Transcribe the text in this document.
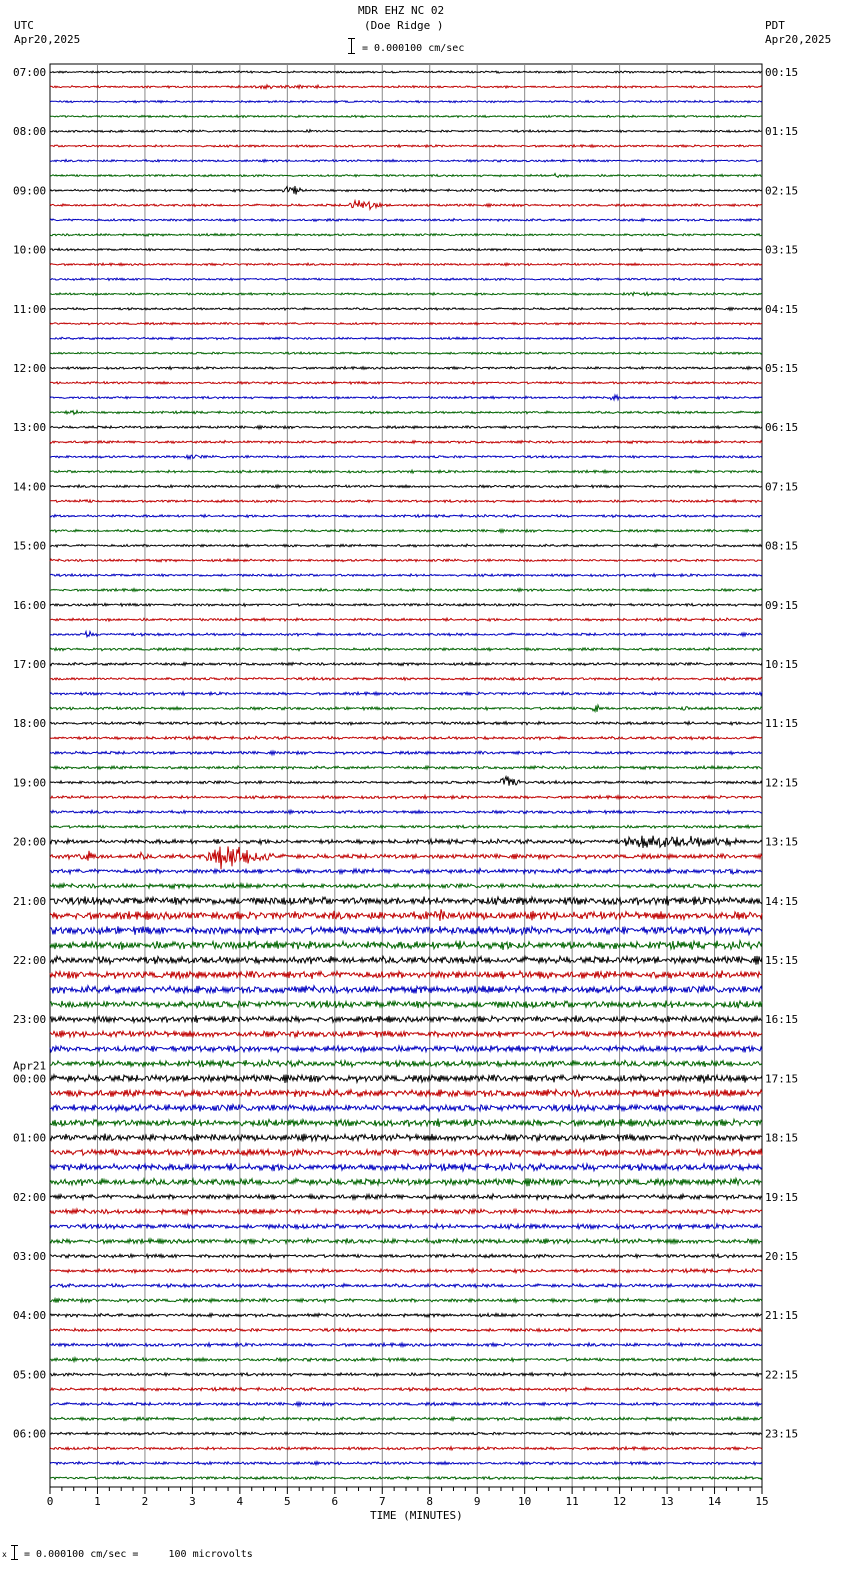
0	1	2	3	4	5	6	7	8	9	10	11	12	13	14	15
07:00
08:00
09:00
10:00
11:00
12:00
13:00
14:00
15:00
16:00
17:00
18:00
19:00
20:00
21:00
22:00
23:00
00:00
Apr21
01:00
02:00
03:00
04:00
05:00
06:00
00:15
01:15
02:15
03:15
04:15
05:15
06:15
07:15
08:15
09:15
10:15
11:15
12:15
13:15
14:15
15:15
16:15
17:15
18:15
19:15
20:15
21:15
22:15
23:15
MDR EHZ NC 02
(Doe Ridge )
= 0.000100 cm/sec
UTC
Apr20,2025
PDT
Apr20,2025
TIME (MINUTES)
x = 0.000100 cm/sec =     100 microvolts
